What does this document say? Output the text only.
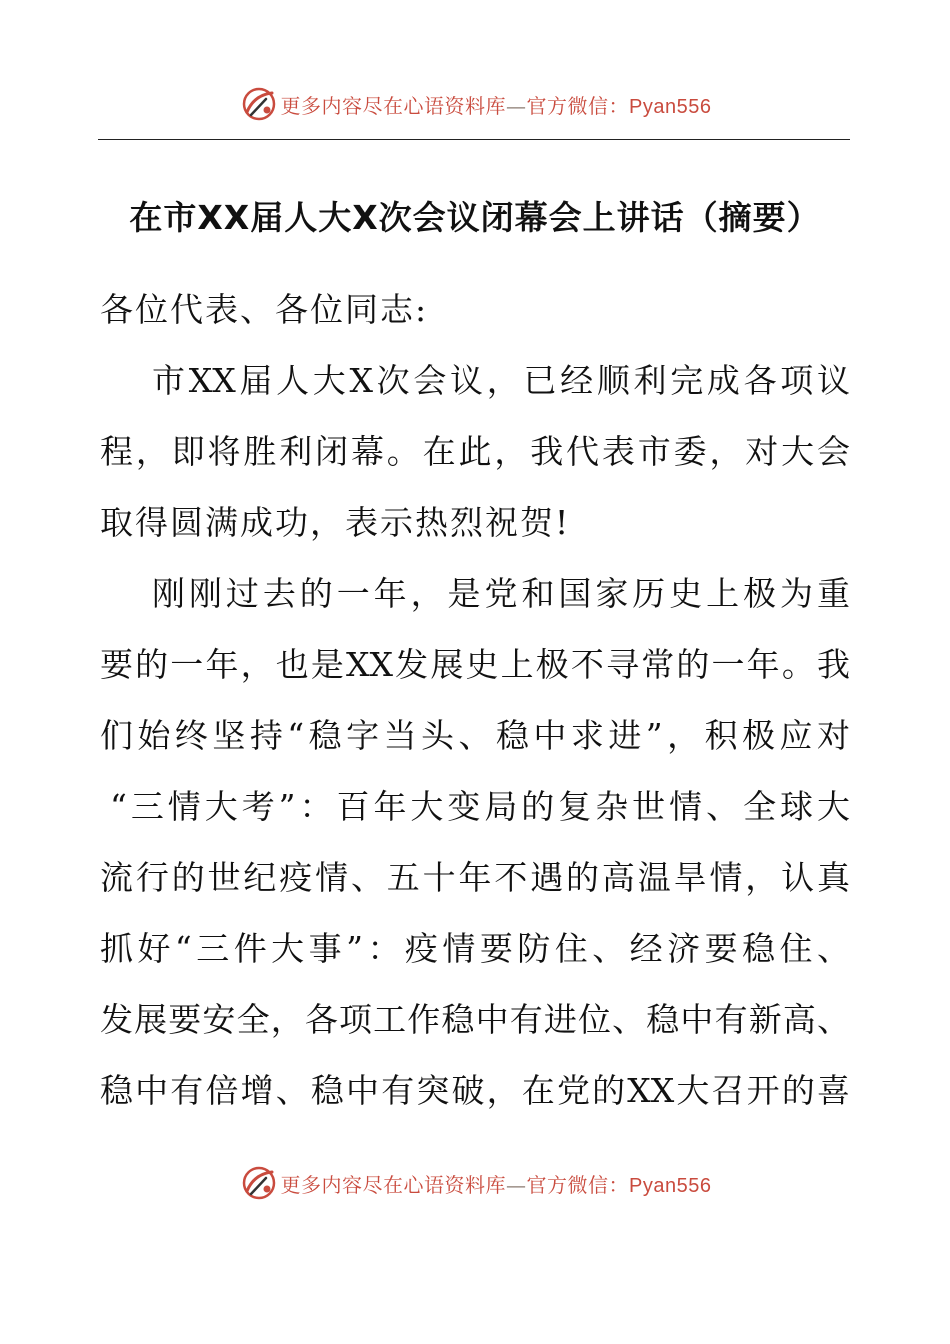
更多内容尽在心语资料库—官方微信：Pyan556
在市XX届人大X次会议闭幕会上讲话（摘要）
各位代表、各位同志:
市XX届人大X次会议，已经顺利完成各项议
程，即将胜利闭幕。在此，我代表市委，对大会
取得圆满成功，表示热烈祝贺!
刚刚过去的一年，是党和国家历史上极为重
要的一年，也是XX发展史上极不寻常的一年。我
们始终坚持“稳字当头、稳中求进”，积极应对
“三情大考”：百年大变局的复杂世情、全球大
流行的世纪疫情、五十年不遇的高温旱情，认真
抓好“三件大事”：疫情要防住、经济要稳住、
发展要安全，各项工作稳中有进位、稳中有新高、
稳中有倍增、稳中有突破，在党的XX大召开的喜
更多内容尽在心语资料库—官方微信：Pyan556
